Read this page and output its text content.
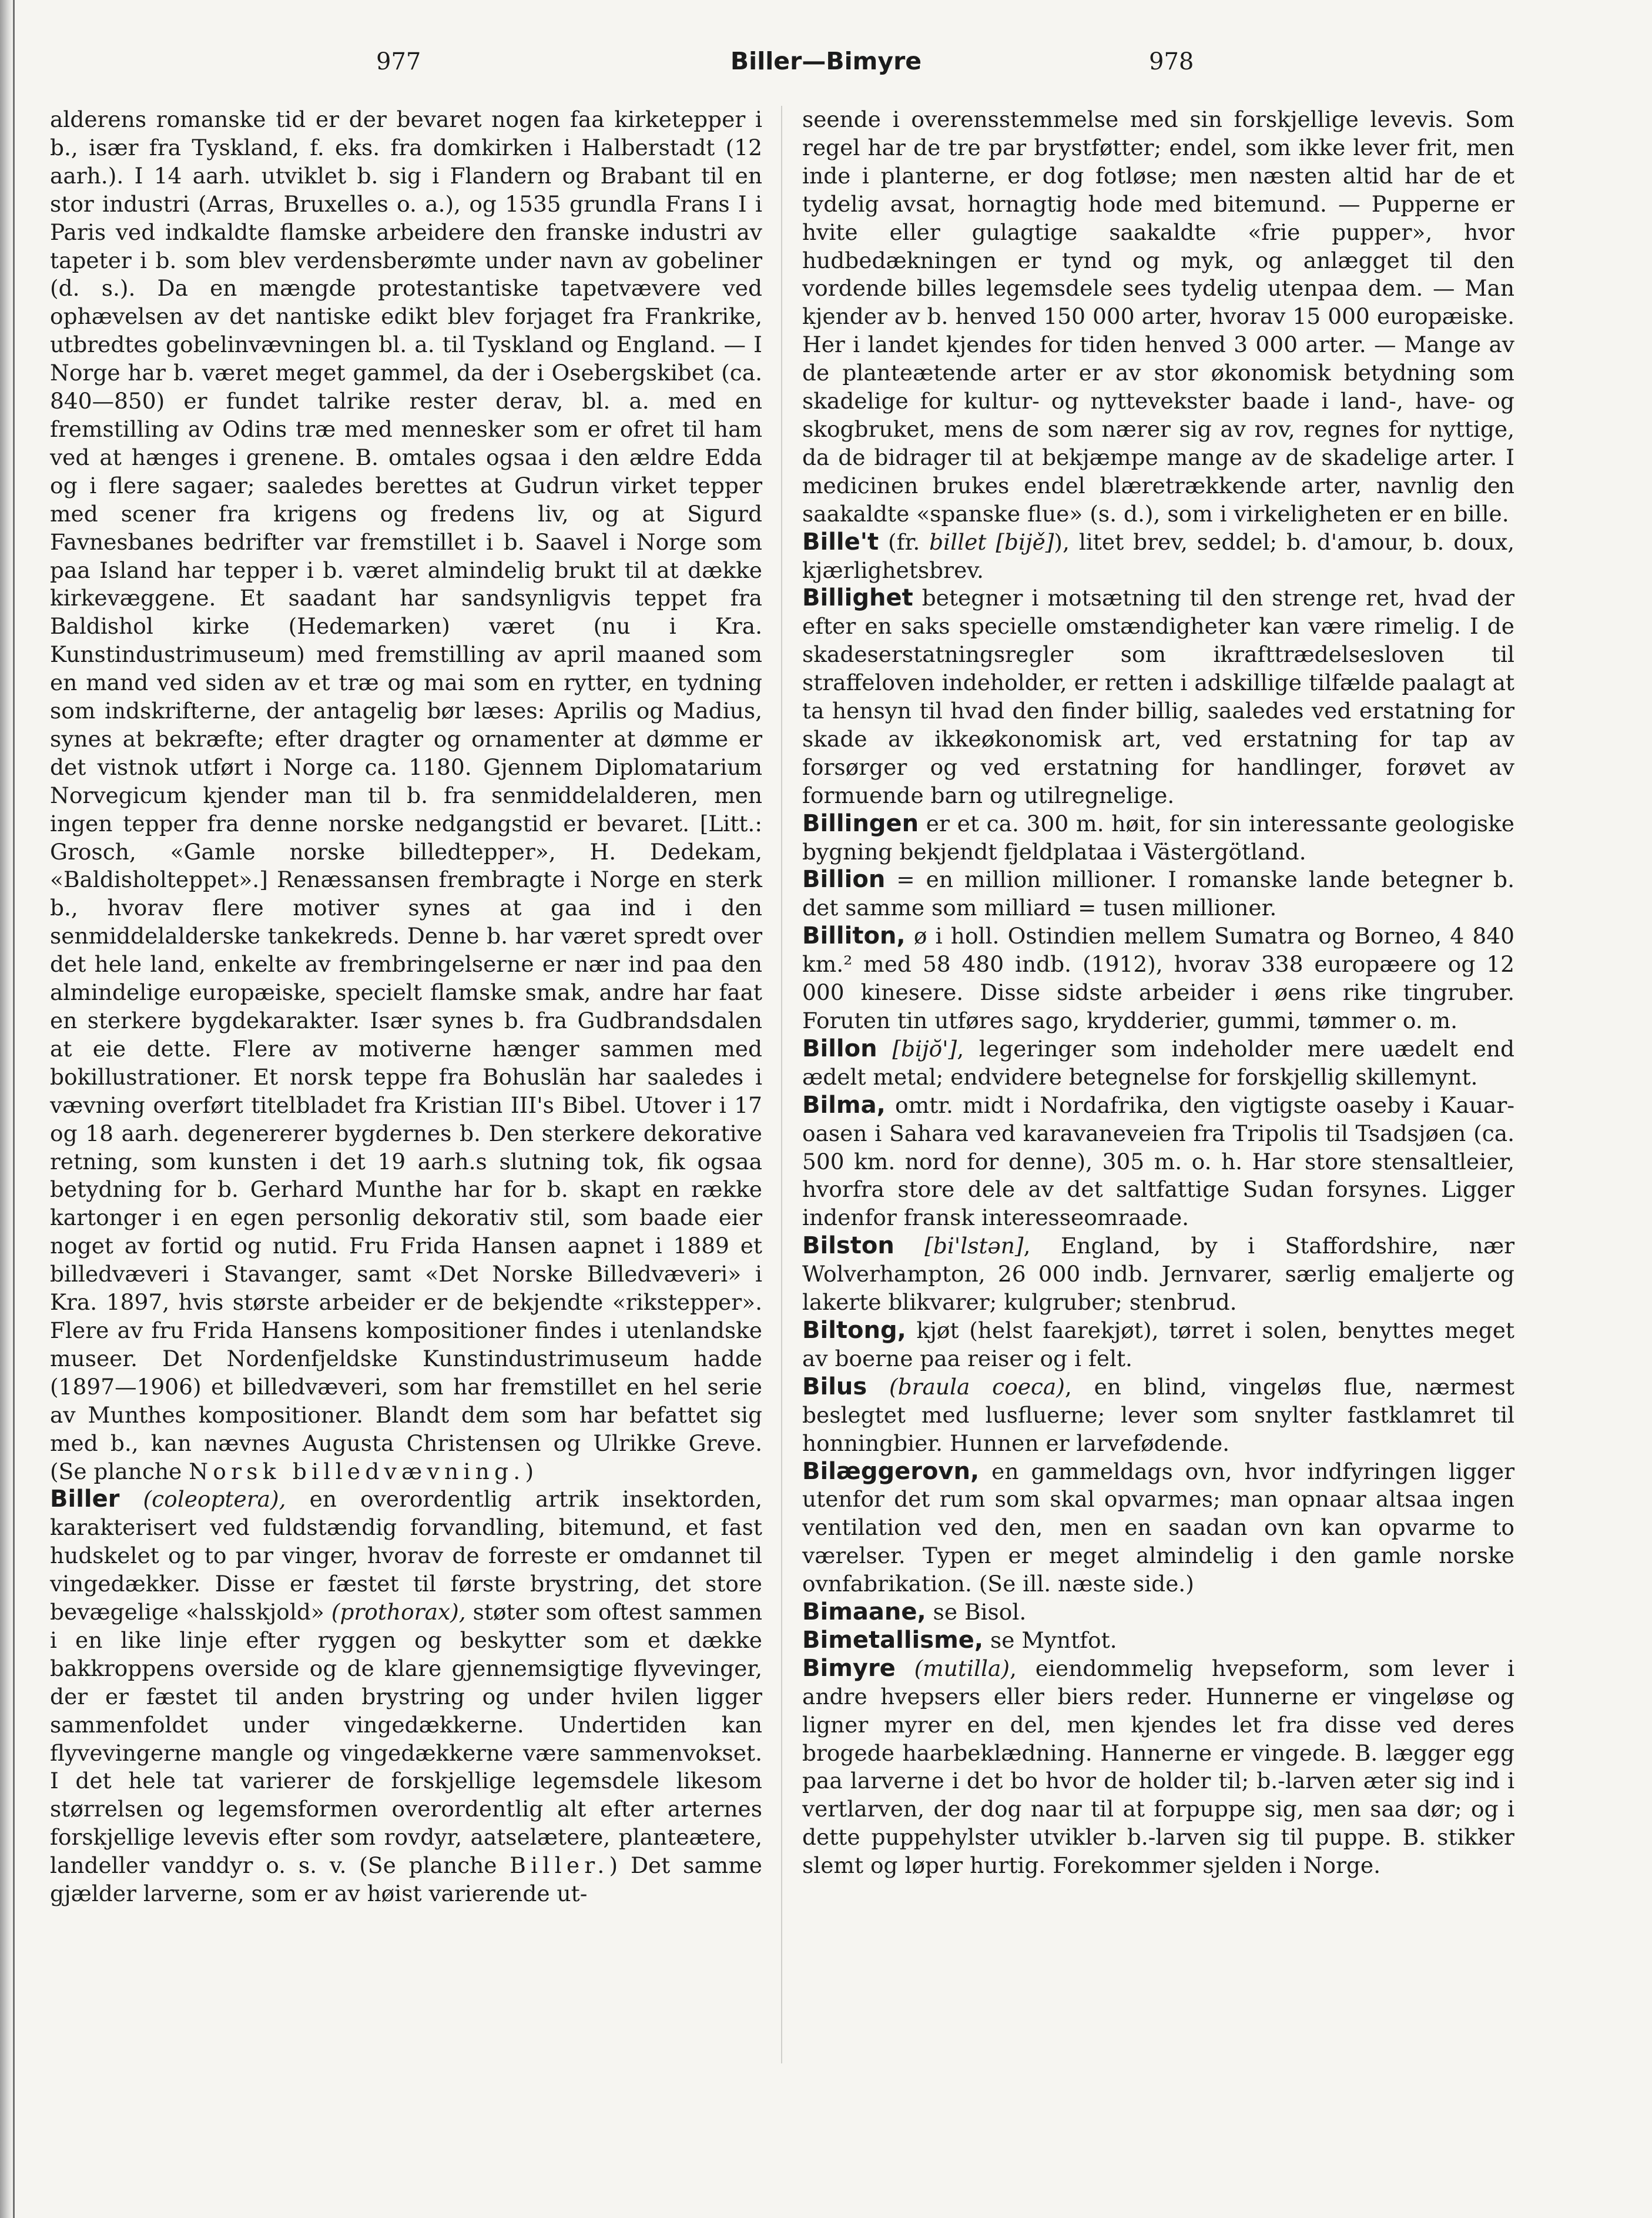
977	Biller—Bimyre	978

alderens romanske tid er der bevaret nogen faa kirketepper i b., især fra Tyskland, f. eks. fra domkirken i Halberstadt (12 aarh.). I 14 aarh. utviklet b. sig i Flandern og Brabant til en stor industri (Arras, Bruxelles o. a.), og 1535 grundla Frans I i Paris ved indkaldte flamske arbeidere den franske industri av tapeter i b. som blev verdensberømte under navn av gobeliner (d. s.). Da en mængde protestantiske tapetvævere ved ophævelsen av det nantiske edikt blev forjaget fra Frankrike, utbredtes gobelinvævningen bl. a. til Tyskland og England. — I Norge har b. været meget gammel, da der i Osebergskibet (ca. 840—850) er fundet talrike rester derav, bl. a. med en fremstilling av Odins træ med mennesker som er ofret til ham ved at hænges i grenene. B. omtales ogsaa i den ældre Edda og i flere sagaer; saaledes berettes at Gudrun virket tepper med scener fra krigens og fredens liv, og at Sigurd Favnesbanes bedrifter var fremstillet i b. Saavel i Norge som paa Island har tepper i b. været almindelig brukt til at dække kirkevæggene. Et saadant har sandsynligvis teppet fra Baldishol kirke (Hedemarken) været (nu i Kra. Kunstindustrimuseum) med fremstilling av april maaned som en mand ved siden av et træ og mai som en rytter, en tydning som indskrifterne, der antagelig bør læses: Aprilis og Madius, synes at bekræfte; efter dragter og ornamenter at dømme er det vistnok utført i Norge ca. 1180. Gjennem Diplomatarium Norvegicum kjender man til b. fra senmiddelalderen, men ingen tepper fra denne norske nedgangstid er bevaret. [Litt.: Grosch, «Gamle norske billedtepper», H. Dedekam, «Baldisholteppet».] Renæssansen frembragte i Norge en sterk b., hvorav flere motiver synes at gaa ind i den senmiddelalderske tankekreds. Denne b. har været spredt over det hele land, enkelte av frembringelserne er nær ind paa den almindelige europæiske, specielt flamske smak, andre har faat en sterkere bygdekarakter. Især synes b. fra Gudbrandsdalen at eie dette. Flere av motiverne hænger sammen med bokillustrationer. Et norsk teppe fra Bohuslän har saaledes i vævning overført titelbladet fra Kristian III's Bibel. Utover i 17 og 18 aarh. degenererer bygdernes b. Den sterkere dekorative retning, som kunsten i det 19 aarh.s slutning tok, fik ogsaa betydning for b. Gerhard Munthe har for b. skapt en række kartonger i en egen personlig dekorativ stil, som baade eier noget av fortid og nutid. Fru Frida Hansen aapnet i 1889 et billedvæveri i Stavanger, samt «Det Norske Billedvæveri» i Kra. 1897, hvis største arbeider er de bekjendte «rikstepper». Flere av fru Frida Hansens kompositioner findes i utenlandske museer. Det Nordenfjeldske Kunstindustrimuseum hadde (1897—1906) et billedvæveri, som har fremstillet en hel serie av Munthes kompositioner. Blandt dem som har befattet sig med b., kan nævnes Augusta Christensen og Ulrikke Greve. (Se planche Norsk billedvævning.)

Biller (coleoptera), en overordentlig artrik insektorden, karakterisert ved fuldstændig forvandling, bitemund, et fast hudskelet og to par vinger, hvorav de forreste er omdannet til vingedækker. Disse er fæstet til første brystring, det store bevægelige «halsskjold» (prothorax), støter som oftest sammen i en like linje efter ryggen og beskytter som et dække bakkroppens overside og de klare gjennemsigtige flyvevinger, der er fæstet til anden brystring og under hvilen ligger sammenfoldet under vingedækkerne. Undertiden kan flyvevingerne mangle og vingedækkerne være sammenvokset. I det hele tat varierer de forskjellige legemsdele likesom størrelsen og legemsformen overordentlig alt efter arternes forskjellige levevis efter som rovdyr, aatselætere, planteætere, landeller vanddyr o. s. v. (Se planche Biller.) Det samme gjælder larverne, som er av høist varierende ut-

seende i overensstemmelse med sin forskjellige levevis. Som regel har de tre par brystføtter; endel, som ikke lever frit, men inde i planterne, er dog fotløse; men næsten altid har de et tydelig avsat, hornagtig hode med bitemund. — Pupperne er hvite eller gulagtige saakaldte «frie pupper», hvor hudbedækningen er tynd og myk, og anlægget til den vordende billes legemsdele sees tydelig utenpaa dem. — Man kjender av b. henved 150 000 arter, hvorav 15 000 europæiske. Her i landet kjendes for tiden henved 3 000 arter. — Mange av de planteætende arter er av stor økonomisk betydning som skadelige for kultur- og nyttevekster baade i land-, have- og skogbruket, mens de som nærer sig av rov, regnes for nyttige, da de bidrager til at bekjæmpe mange av de skadelige arter. I medicinen brukes endel blæretrækkende arter, navnlig den saakaldte «spanske flue» (s. d.), som i virkeligheten er en bille.

Bille't (fr. billet [bijě]), litet brev, seddel; b. d'amour, b. doux, kjærlighetsbrev.

Billighet betegner i motsætning til den strenge ret, hvad der efter en saks specielle omstændigheter kan være rimelig. I de skadeserstatningsregler som ikrafttrædelsesloven til straffeloven indeholder, er retten i adskillige tilfælde paalagt at ta hensyn til hvad den finder billig, saaledes ved erstatning for skade av ikkeøkonomisk art, ved erstatning for tap av forsørger og ved erstatning for handlinger, forøvet av formuende barn og utilregnelige.

Billingen er et ca. 300 m. høit, for sin interessante geologiske bygning bekjendt fjeldplataa i Västergötland.

Billion = en million millioner. I romanske lande betegner b. det samme som milliard = tusen millioner.

Billiton, ø i holl. Ostindien mellem Sumatra og Borneo, 4 840 km.² med 58 480 indb. (1912), hvorav 338 europæere og 12 000 kinesere. Disse sidste arbeider i øens rike tingruber. Foruten tin utføres sago, krydderier, gummi, tømmer o. m.

Billon [bijŏ'], legeringer som indeholder mere uædelt end ædelt metal; endvidere betegnelse for forskjellig skillemynt.

Bilma, omtr. midt i Nordafrika, den vigtigste oaseby i Kauar-oasen i Sahara ved karavaneveien fra Tripolis til Tsadsjøen (ca. 500 km. nord for denne), 305 m. o. h. Har store stensaltleier, hvorfra store dele av det saltfattige Sudan forsynes. Ligger indenfor fransk interesseomraade.

Bilston [bi'lstən], England, by i Staffordshire, nær Wolverhampton, 26 000 indb. Jernvarer, særlig emaljerte og lakerte blikvarer; kulgruber; stenbrud.

Biltong, kjøt (helst faarekjøt), tørret i solen, benyttes meget av boerne paa reiser og i felt.

Bilus (braula coeca), en blind, vingeløs flue, nærmest beslegtet med lusfluerne; lever som snylter fastklamret til honningbier. Hunnen er larvefødende.

Bilæggerovn, en gammeldags ovn, hvor indfyringen ligger utenfor det rum som skal opvarmes; man opnaar altsaa ingen ventilation ved den, men en saadan ovn kan opvarme to værelser. Typen er meget almindelig i den gamle norske ovnfabrikation. (Se ill. næste side.)

Bimaane, se Bisol.

Bimetallisme, se Myntfot.

Bimyre (mutilla), eiendommelig hvepseform, som lever i andre hvepsers eller biers reder. Hunnerne er vingeløse og ligner myrer en del, men kjendes let fra disse ved deres brogede haarbeklædning. Hannerne er vingede. B. lægger egg paa larverne i det bo hvor de holder til; b.-larven æter sig ind i vertlarven, der dog naar til at forpuppe sig, men saa dør; og i dette puppehylster utvikler b.-larven sig til puppe. B. stikker slemt og løper hurtig. Forekommer sjelden i Norge.
